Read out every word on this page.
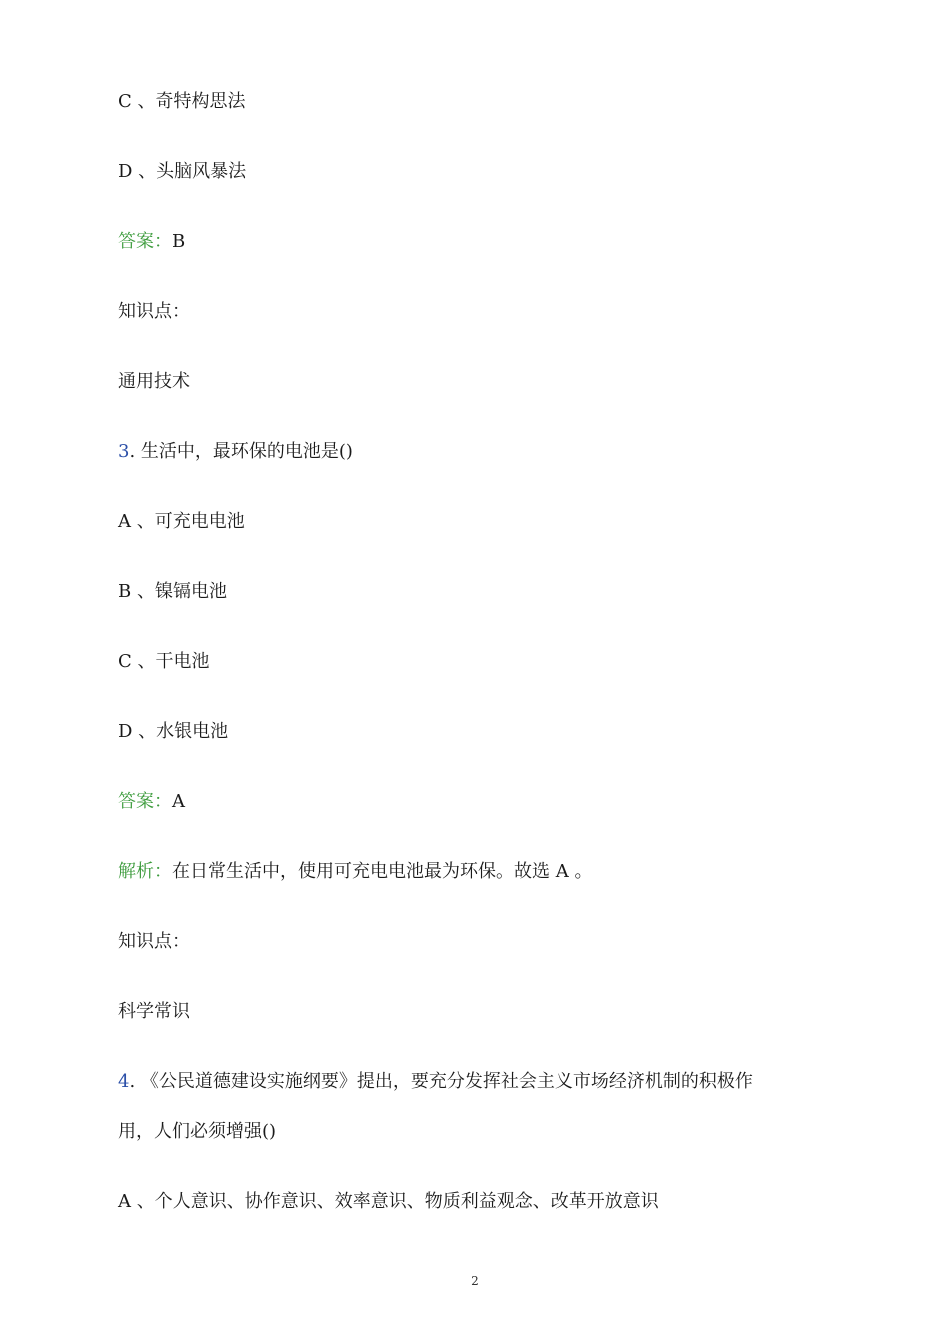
C 、奇特构思法
D 、头脑风暴法
答案：B
知识点：
通用技术
3. 生活中，最环保的电池是()
A 、可充电电池
B 、镍镉电池
C 、干电池
D 、水银电池
答案：A
解析：在日常生活中，使用可充电电池最为环保。故选 A 。
知识点：
科学常识
4. 《公民道德建设实施纲要》提出，要充分发挥社会主义市场经济机制的积极作
用，人们必须增强()
A 、个人意识、协作意识、效率意识、物质利益观念、改革开放意识
2
